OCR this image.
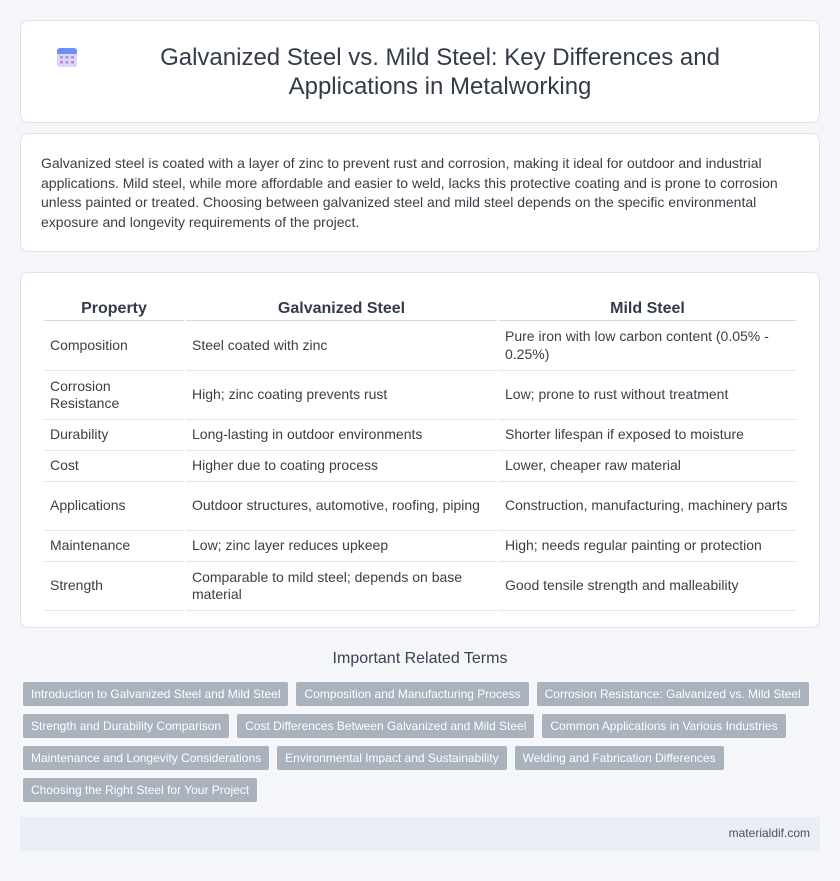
Galvanized Steel vs. Mild Steel: Key Differences and Applications in Metalworking

Galvanized steel is coated with a layer of zinc to prevent rust and corrosion, making it ideal for outdoor and industrial applications. Mild steel, while more affordable and easier to weld, lacks this protective coating and is prone to corrosion unless painted or treated. Choosing between galvanized steel and mild steel depends on the specific environmental exposure and longevity requirements of the project.

Property	Galvanized Steel	Mild Steel
Composition	Steel coated with zinc	Pure iron with low carbon content (0.05% - 0.25%)
Corrosion Resistance	High; zinc coating prevents rust	Low; prone to rust without treatment
Durability	Long-lasting in outdoor environments	Shorter lifespan if exposed to moisture
Cost	Higher due to coating process	Lower, cheaper raw material
Applications	Outdoor structures, automotive, roofing, piping	Construction, manufacturing, machinery parts
Maintenance	Low; zinc layer reduces upkeep	High; needs regular painting or protection
Strength	Comparable to mild steel; depends on base material	Good tensile strength and malleability
Important Related Terms
Introduction to Galvanized Steel and Mild Steel	Composition and Manufacturing Process	Corrosion Resistance: Galvanized vs. Mild Steel
Strength and Durability Comparison	Cost Differences Between Galvanized and Mild Steel	Common Applications in Various Industries
Maintenance and Longevity Considerations	Environmental Impact and Sustainability	Welding and Fabrication Differences
Choosing the Right Steel for Your Project
materialdif.com
